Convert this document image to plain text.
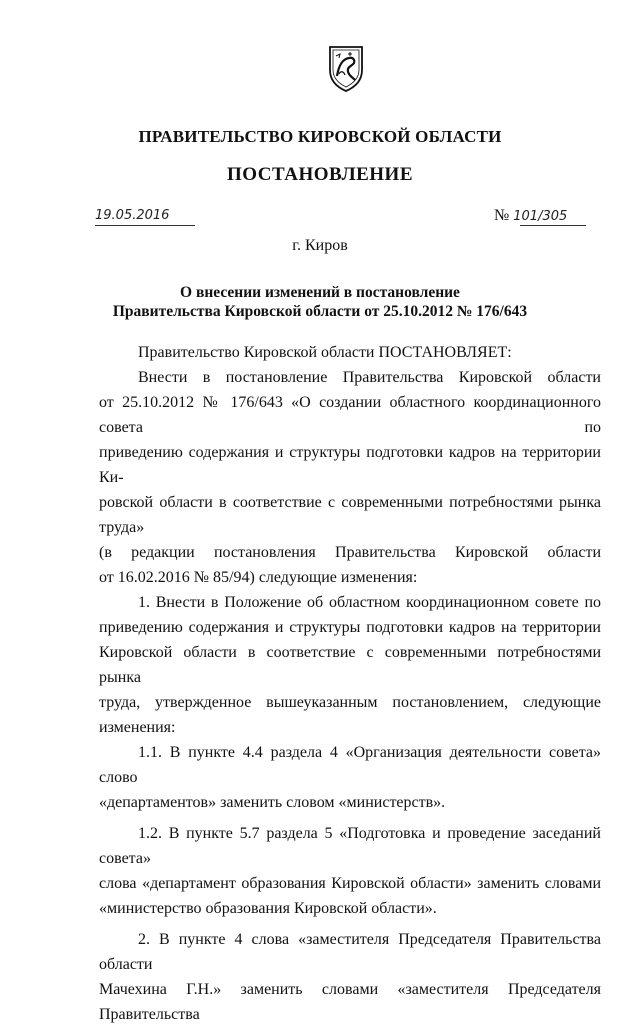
ПРАВИТЕЛЬСТВО КИРОВСКОЙ ОБЛАСТИ
ПОСТАНОВЛЕНИЕ
19.05.2016	№ 101/305
г. Киров
О внесении изменений в постановление
Правительства Кировской области от 25.10.2012 № 176/643

Правительство Кировской области ПОСТАНОВЛЯЕТ:

Внести в постановление Правительства Кировской области

от 25.10.2012 № 176/643 «О создании областного координационного совета по

приведению содержания и структуры подготовки кадров на территории Ки-

ровской области в соответствие с современными потребностями рынка труда»

(в редакции постановления Правительства Кировской области

от 16.02.2016 № 85/94) следующие изменения:

1. Внести в Положение об областном координационном совете по

приведению содержания и структуры подготовки кадров на территории

Кировской области в соответствие с современными потребностями рынка

труда, утвержденное вышеуказанным постановлением, следующие

изменения:

1.1. В пункте 4.4 раздела 4 «Организация деятельности совета» слово

«департаментов» заменить словом «министерств».

1.2. В пункте 5.7 раздела 5 «Подготовка и проведение заседаний совета»

слова «департамент образования Кировской области» заменить словами

«министерство образования Кировской области».

2. В пункте 4 слова «заместителя Председателя Правительства области

Мачехина Г.Н.» заменить словами «заместителя Председателя Правительства
